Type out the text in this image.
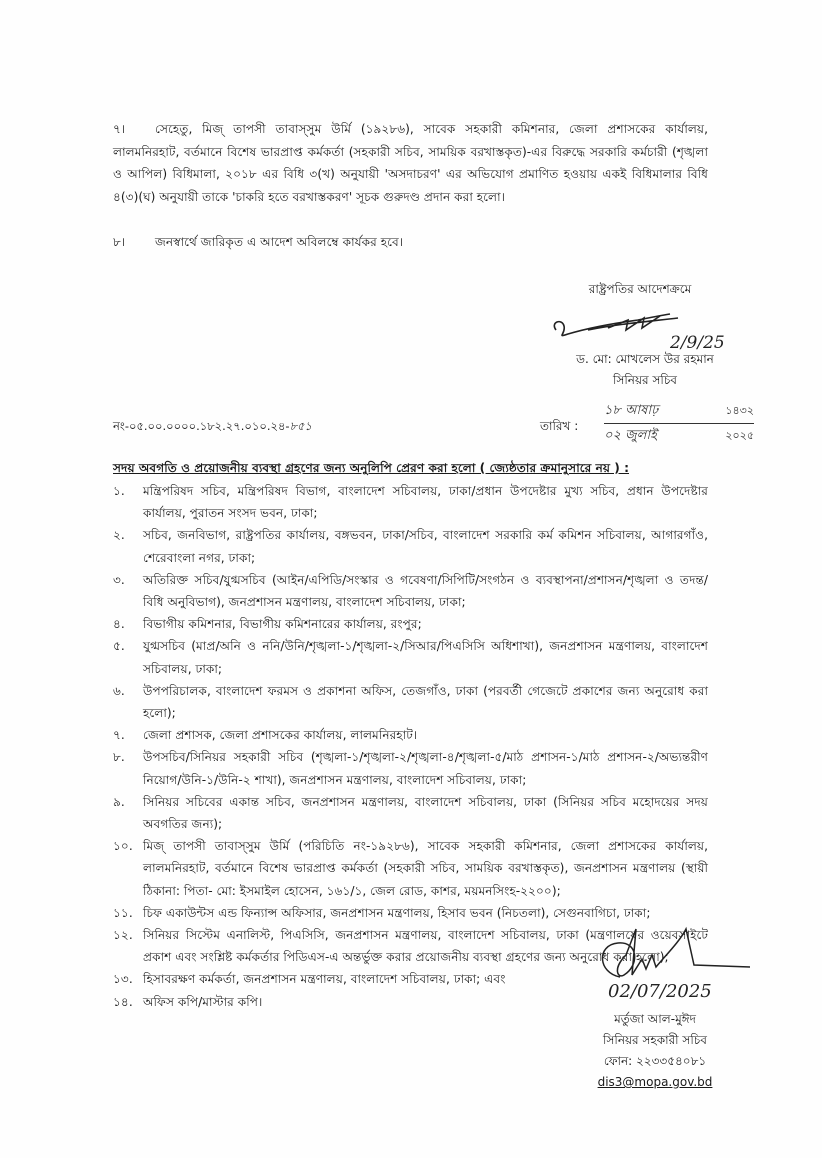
৭। সেহেতু, মিজ্ তাপসী তাবাস্সুম উর্মি (১৯২৮৬), সাবেক সহকারী কমিশনার, জেলা প্রশাসকের কার্যালয়, লালমনিরহাট, বর্তমানে বিশেষ ভারপ্রাপ্ত কর্মকর্তা (সহকারী সচিব, সাময়িক বরখাস্তকৃত)-এর বিরুদ্ধে সরকারি কর্মচারী (শৃঙ্খলা ও আপিল) বিধিমালা, ২০১৮ এর বিধি ৩(খ) অনুযায়ী 'অসদাচরণ' এর অভিযোগ প্রমাণিত হওয়ায় একই বিধিমালার বিধি ৪(৩)(ঘ) অনুযায়ী তাকে 'চাকরি হতে বরখাস্তকরণ' সূচক গুরুদণ্ড প্রদান করা হলো।
৮। জনস্বার্থে জারিকৃত এ আদেশ অবিলম্বে কার্যকর হবে।
রাষ্ট্রপতির আদেশক্রমে
2/9/25
ড. মো: মোখলেস উর রহমান
সিনিয়র সচিব
নং-০৫.০০.০০০০.১৮২.২৭.০১০.২৪-৮৫১	তারিখ :
১৮ আষাঢ়	১৪৩২
০২ জুলাই	২০২৫
সদয় অবগতি ও প্রয়োজনীয় ব্যবস্থা গ্রহণের জন্য অনুলিপি প্রেরণ করা হলো ( জ্যেষ্ঠতার ক্রমানুসারে নয় ) :
১.	মন্ত্রিপরিষদ সচিব, মন্ত্রিপরিষদ বিভাগ, বাংলাদেশ সচিবালয়, ঢাকা/প্রধান উপদেষ্টার মুখ্য সচিব, প্রধান উপদেষ্টার কার্যালয়, পুরাতন সংসদ ভবন, ঢাকা;
২.	সচিব, জনবিভাগ, রাষ্ট্রপতির কার্যালয়, বঙ্গভবন, ঢাকা/সচিব, বাংলাদেশ সরকারি কর্ম কমিশন সচিবালয়, আগারগাঁও, শেরেবাংলা নগর, ঢাকা;
৩.	অতিরিক্ত সচিব/যুগ্মসচিব (আইন/এপিডি/সংস্কার ও গবেষণা/সিপিটি/সংগঠন ও ব্যবস্থাপনা/প্রশাসন/শৃঙ্খলা ও তদন্ত/বিধি অনুবিভাগ), জনপ্রশাসন মন্ত্রণালয়, বাংলাদেশ সচিবালয়, ঢাকা;
৪.	বিভাগীয় কমিশনার, বিভাগীয় কমিশনারের কার্যালয়, রংপুর;
৫.	যুগ্মসচিব (মাপ্র/অনি ও ননি/উনি/শৃঙ্খলা-১/শৃঙ্খলা-২/সিআর/পিএসিসি অধিশাখা), জনপ্রশাসন মন্ত্রণালয়, বাংলাদেশ সচিবালয়, ঢাকা;
৬.	উপপরিচালক, বাংলাদেশ ফরমস ও প্রকাশনা অফিস, তেজগাঁও, ঢাকা (পরবর্তী গেজেটে প্রকাশের জন্য অনুরোধ করা হলো);
৭.	জেলা প্রশাসক, জেলা প্রশাসকের কার্যালয়, লালমনিরহাট।
৮.	উপসচিব/সিনিয়র সহকারী সচিব (শৃঙ্খলা-১/শৃঙ্খলা-২/শৃঙ্খলা-৪/শৃঙ্খলা-৫/মাঠ প্রশাসন-১/মাঠ প্রশাসন-২/অভ্যন্তরীণ নিয়োগ/উনি-১/উনি-২ শাখা), জনপ্রশাসন মন্ত্রণালয়, বাংলাদেশ সচিবালয়, ঢাকা;
৯.	সিনিয়র সচিবের একান্ত সচিব, জনপ্রশাসন মন্ত্রণালয়, বাংলাদেশ সচিবালয়, ঢাকা (সিনিয়র সচিব মহোদয়ের সদয় অবগতির জন্য);
১০. মিজ্ তাপসী তাবাস্সুম উর্মি (পরিচিতি নং-১৯২৮৬), সাবেক সহকারী কমিশনার, জেলা প্রশাসকের কার্যালয়, লালমনিরহাট, বর্তমানে বিশেষ ভারপ্রাপ্ত কর্মকর্তা (সহকারী সচিব, সাময়িক বরখাস্তকৃত), জনপ্রশাসন মন্ত্রণালয় (স্থায়ী ঠিকানা: পিতা- মো: ইসমাইল হোসেন, ১৬১/১, জেল রোড, কাশর, ময়মনসিংহ-২২০০);
১১. চিফ একাউন্টস এন্ড ফিন্যান্স অফিসার, জনপ্রশাসন মন্ত্রণালয়, হিসাব ভবন (নিচতলা), সেগুনবাগিচা, ঢাকা;
১২. সিনিয়র সিস্টেম এনালিস্ট, পিএসিসি, জনপ্রশাসন মন্ত্রণালয়, বাংলাদেশ সচিবালয়, ঢাকা (মন্ত্রণালয়ের ওয়েবসাইটে প্রকাশ এবং সংশ্লিষ্ট কর্মকর্তার পিডিএস-এ অন্তর্ভুক্ত করার প্রয়োজনীয় ব্যবস্থা গ্রহণের জন্য অনুরোধ করা হলো);
১৩. হিসাবরক্ষণ কর্মকর্তা, জনপ্রশাসন মন্ত্রণালয়, বাংলাদেশ সচিবালয়, ঢাকা; এবং
১৪. অফিস কপি/মাস্টার কপি।	02/07/2025
মর্তুজা আল-মুঈদ
সিনিয়র সহকারী সচিব
ফোন: ২২৩৩৫৪০৮১
dis3@mopa.gov.bd
